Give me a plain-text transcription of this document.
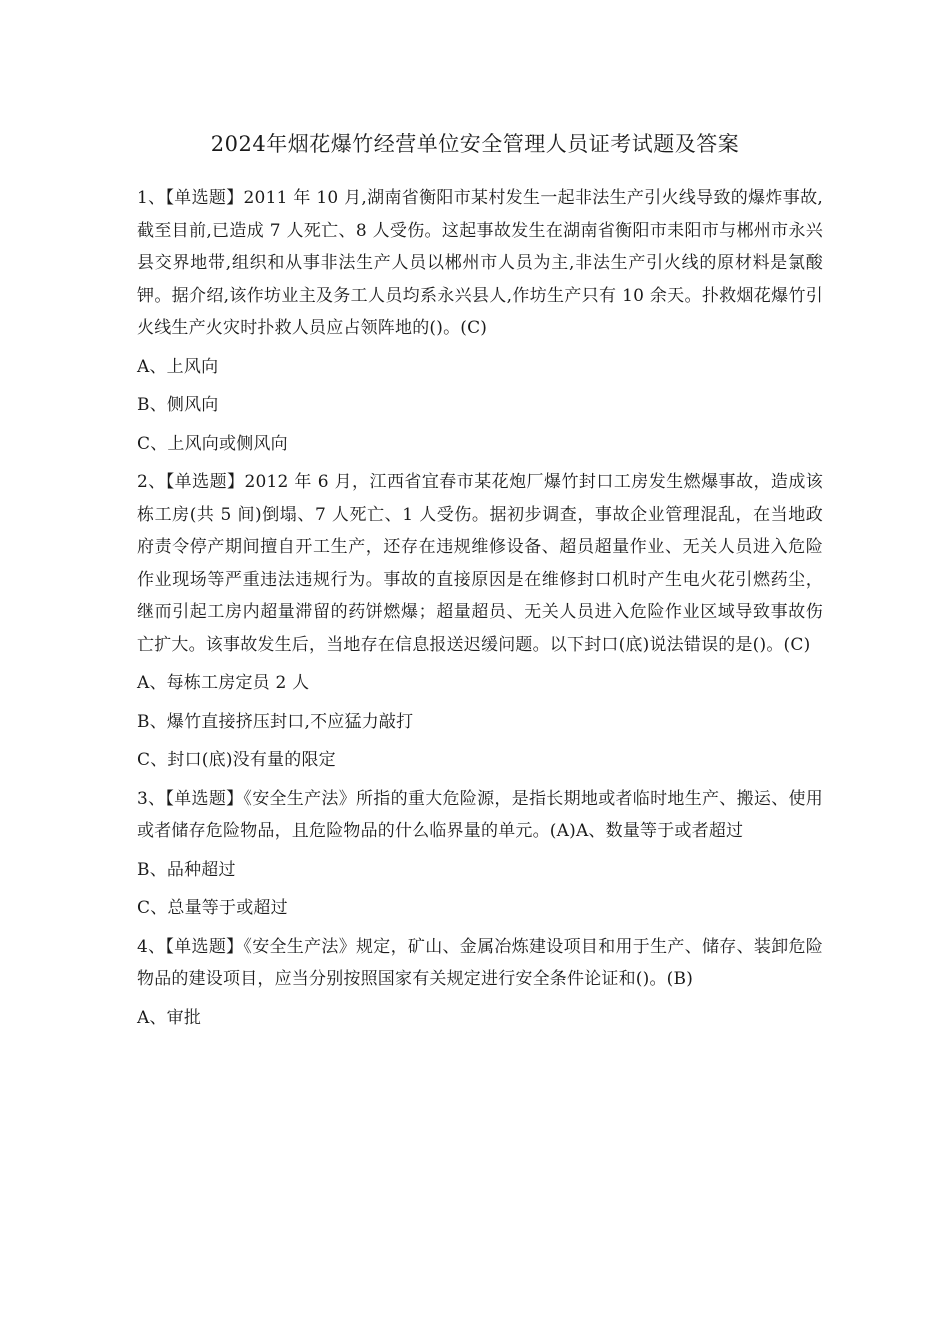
2024年烟花爆竹经营单位安全管理人员证考试题及答案

1、【单选题】2011 年 10 月,湖南省衡阳市某村发生一起非法生产引火线导致的爆炸事故,截至目前,已造成 7 人死亡、8 人受伤。这起事故发生在湖南省衡阳市耒阳市与郴州市永兴县交界地带,组织和从事非法生产人员以郴州市人员为主,非法生产引火线的原材料是氯酸钾。据介绍,该作坊业主及务工人员均系永兴县人,作坊生产只有 10 余天。扑救烟花爆竹引火线生产火灾时扑救人员应占领阵地的()。(C)

A、上风向

B、侧风向

C、上风向或侧风向

2、【单选题】2012 年 6 月，江西省宜春市某花炮厂爆竹封口工房发生燃爆事故，造成该栋工房(共 5 间)倒塌、7 人死亡、1 人受伤。据初步调查，事故企业管理混乱，在当地政府责令停产期间擅自开工生产，还存在违规维修设备、超员超量作业、无关人员进入危险作业现场等严重违法违规行为。事故的直接原因是在维修封口机时产生电火花引燃药尘，继而引起工房内超量滞留的药饼燃爆；超量超员、无关人员进入危险作业区域导致事故伤亡扩大。该事故发生后，当地存在信息报送迟缓问题。以下封口(底)说法错误的是()。(C)

A、每栋工房定员 2 人

B、爆竹直接挤压封口,不应猛力敲打

C、封口(底)没有量的限定

3、【单选题】《安全生产法》所指的重大危险源，是指长期地或者临时地生产、搬运、使用或者储存危险物品，且危险物品的什么临界量的单元。(A)A、数量等于或者超过

B、品种超过

C、总量等于或超过

4、【单选题】《安全生产法》规定，矿山、金属冶炼建设项目和用于生产、储存、装卸危险物品的建设项目，应当分别按照国家有关规定进行安全条件论证和()。(B)

A、审批
